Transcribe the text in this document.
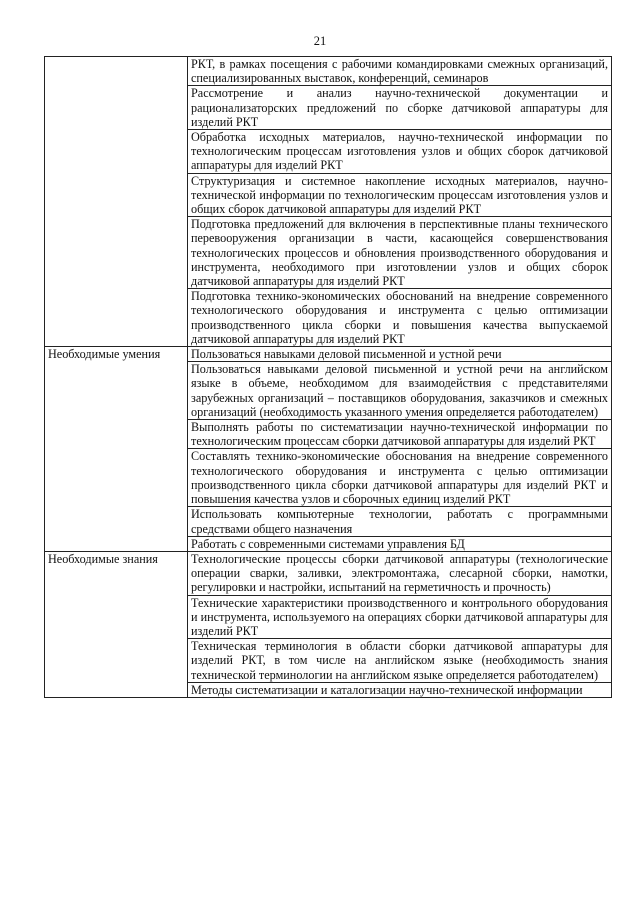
21
	РКТ, в рамках посещения с рабочими командировками смежных организаций, специализированных выставок, конференций, семинаров
	Рассмотрение и анализ научно-технической документации и рационализаторских предложений по сборке датчиковой аппаратуры для изделий РКТ
	Обработка исходных материалов, научно-технической информации по технологическим процессам изготовления узлов и общих сборок датчиковой аппаратуры для изделий РКТ
	Структуризация и системное накопление исходных материалов, научно-технической информации по технологическим процессам изготовления узлов и общих сборок датчиковой аппаратуры для изделий РКТ
	Подготовка предложений для включения в перспективные планы технического перевооружения организации в части, касающейся совершенствования технологических процессов и обновления производственного оборудования и инструмента, необходимого при изготовлении узлов и общих сборок датчиковой аппаратуры для изделий РКТ
	Подготовка технико-экономических обоснований на внедрение современного технологического оборудования и инструмента с целью оптимизации производственного цикла сборки и повышения качества выпускаемой датчиковой аппаратуры для изделий РКТ
Необходимые умения	Пользоваться навыками деловой письменной и устной речи
	Пользоваться навыками деловой письменной и устной речи на английском языке в объеме, необходимом для взаимодействия с представителями зарубежных организаций – поставщиков оборудования, заказчиков и смежных организаций (необходимость указанного умения определяется работодателем)
	Выполнять работы по систематизации научно-технической информации по технологическим процессам сборки датчиковой аппаратуры для изделий РКТ
	Составлять технико-экономические обоснования на внедрение современного технологического оборудования и инструмента с целью оптимизации производственного цикла сборки датчиковой аппаратуры для изделий РКТ и повышения качества узлов и сборочных единиц изделий РКТ
	Использовать компьютерные технологии, работать с программными средствами общего назначения
	Работать с современными системами управления БД
Необходимые знания	Технологические процессы сборки датчиковой аппаратуры (технологические операции сварки, заливки, электромонтажа, слесарной сборки, намотки, регулировки и настройки, испытаний на герметичность и прочность)
	Технические характеристики производственного и контрольного оборудования и инструмента, используемого на операциях сборки датчиковой аппаратуры для изделий РКТ
	Техническая терминология в области сборки датчиковой аппаратуры для изделий РКТ, в том числе на английском языке (необходимость знания технической терминологии на английском языке определяется работодателем)
	Методы систематизации и каталогизации научно-технической информации
